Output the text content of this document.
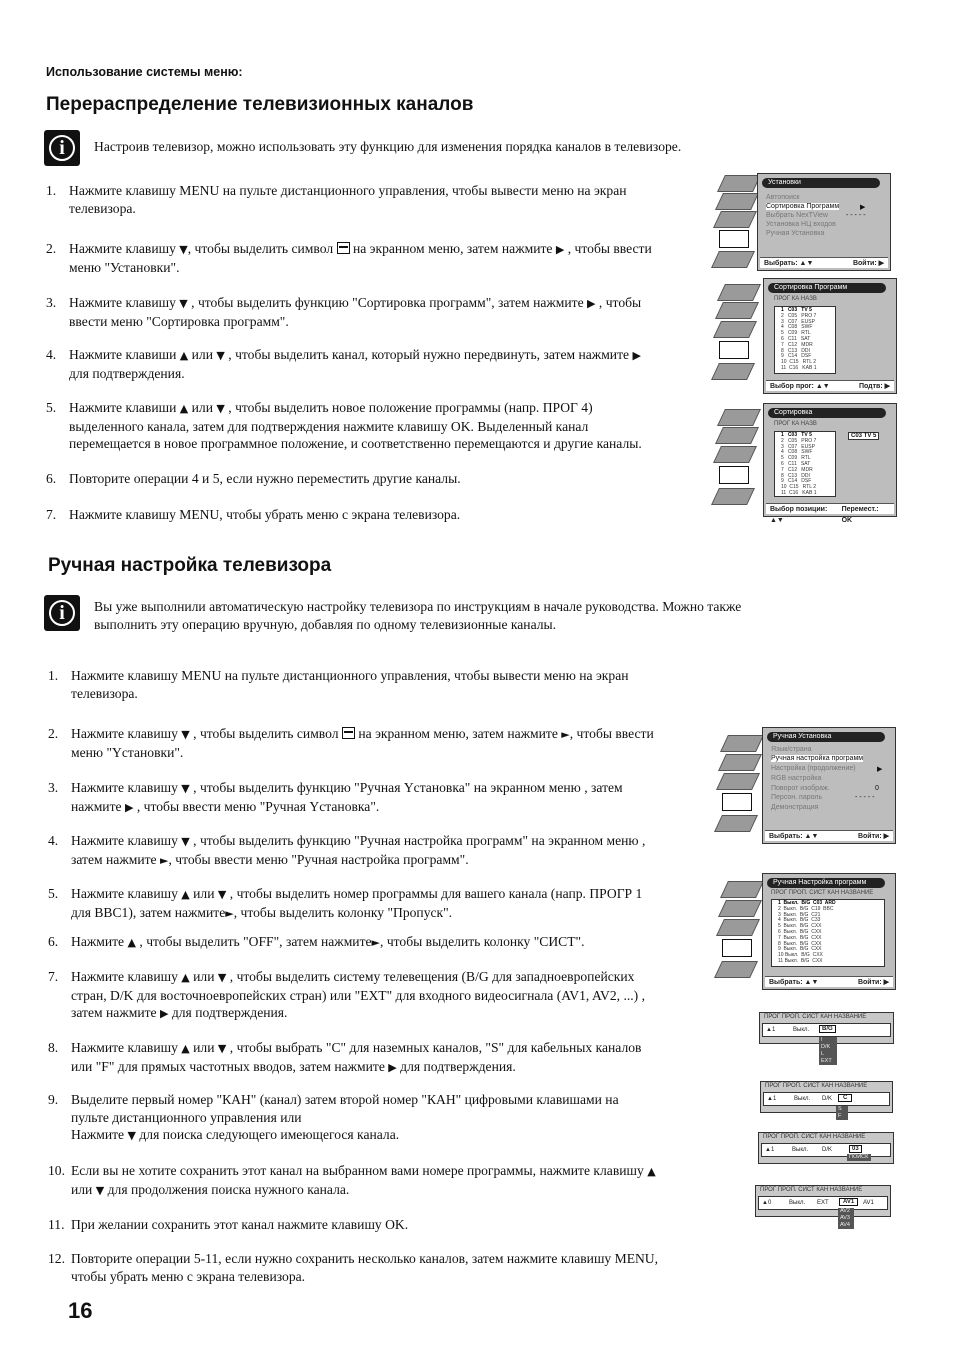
Использование системы меню:
Перераспределение телевизионных каналов
i	Настроив телевизор, можно использовать эту функцию для изменения порядка каналов в телевизоре.
1. Нажмите клавишу MENU на пульте дистанционного управления, чтобы вывести меню на экран
телевизора.
2. Нажмите клавишу ▼, чтобы выделить символ на экранном меню, затем нажмите ▶ , чтобы ввести
меню "Установки".
3. Нажмите клавишу ▼ , чтобы выделить функцию "Сортировка программ", затем нажмите ▶ , чтобы
ввести меню "Сортировка программ".
4. Нажмите клавиши ▲ или ▼ , чтобы выделить канал, который нужно передвинуть, затем нажмите ▶
для подтверждения.
5. Нажмите клавиши ▲ или ▼ , чтобы выделить новое положение программы (напр. ПРОГ 4)
выделенного канала, затем для подтверждения нажмите клавишу OK. Выделенный канал
перемещается в новое программное положение, и соответственно перемещаются и другие каналы.
6. Повторите операции 4 и 5, если нужно переместить другие каналы.
7. Нажмите клавишу MENU, чтобы убрать меню с экрана телевизора.
Ручная настройка телевизора
i	Вы уже выполнили автоматическую настройку телевизора по инструкциям в начале руководства. Можно также
выполнить эту операцию вручную, добавляя по одному телевизионные каналы.
1. Нажмите клавишу MENU на пульте дистанционного управления, чтобы вывести меню на экран
телевизора.
2. Нажмите клавишу ▼ , чтобы выделить символ на экранном меню, затем нажмите ►, чтобы ввести
меню "Yстановки".
3. Нажмите клавишу ▼ , чтобы выделить функцию "Ручная Yстановка" на экранном меню , затем
нажмите ▶ , чтобы ввести меню "Ручная Yстановка".
4. Нажмите клавишу ▼ , чтобы выделить функцию "Ручная настройка программ" на экранном меню ,
затем нажмите ►, чтобы ввести меню "Ручная настройка программ".
5. Нажмите клавишу ▲ или ▼ , чтобы выделить номер программы для вашего канала (напр. ПРОГР 1
для BBC1), затем нажмите►, чтобы выделить колонку "Пропуск".
6. Нажмите ▲ , чтобы выделить "OFF", затем нажмите►, чтобы выделить колонку "СИСТ".
7. Нажмите клавишу ▲ или ▼ , чтобы выделить систему телевещения (B/G для западноевропейских
стран, D/K для восточноевропейских стран) или "EXT" для входного видеосигнала (AV1, AV2, ...) ,
затем нажмите ▶ для подтверждения.
8. Нажмите клавишу ▲ или ▼ , чтобы выбрать "C" для наземных каналов, "S" для кабельных каналов
или "F" для прямых частотных вводов, затем нажмите ▶ для подтверждения.
9. Выделите первый номер "КАН" (канал) затем второй номер "КАН" цифровыми клавишами на
пульте дистанционного управления или
Нажмите ▼ для поиска следующего имеющегося канала.
10. Если вы не хотите сохранить этот канал на выбранном вами номере программы, нажмите клавишу ▲
или ▼ для продолжения поиска нужного канала.
11. При желании сохранить этот канал нажмите клавишу OK.
12. Повторите операции 5-11, если нужно сохранить несколько каналов, затем нажмите клавишу MENU,
чтобы убрать меню с экрана телевизора.
16
Установки
Автопоиск
Сортировка Программ	▶
Выбрать NexTView	- - - - -
Установка НЦ входов
Ручная Установка
Выбрать: ▲▼	Войти: ▶
Сортировка Программ
ПРОГ КА НАЗВ
1   C03   TV 5
2   C05   PRO 7
3   C07   EUSP
4   C08   SWF
5   C09   RTL
6   C11   SAT
7   C12   MDR
8   C13   DDI
9   C14   DSF
10  C15   RTL 2
11  C16   KAB 1
Выбор прог: ▲▼	Подтв: ▶
Сортировка
ПРОГ КА НАЗВ
1   C03   TV 5
2   C05   PRO 7
3   C07   EUSP
4   C08   SWF
5   C09   RTL
6   C11   SAT
7   C12   MDR
8   C13   DDI
9   C14   DSF
10  C15   RTL 2
11  C16   KAB 1
C03 TV 5
Выбор позиции: ▲▼
Перемест.: OK
Ручная Установка
Язык/страна
Ручная настройка программ
Настройка (продолжение)	▶
RGB настройка
Поворот изображ.	0
Персон. пароль	- - - - -
Демонстрация
Выбрать: ▲▼	Войти: ▶
Ручная Настройка программ
ПРОГ ПРОП. СИСТ КАН НАЗВАНИЕ
1  Выкл.  B/G  C03  ARD
2  Выкл.  B/G  C19  BBC
3  Выкл.  B/G  C21
4  Выкл.  B/G  C33
5  Выкл.  B/G  CXX
6  Выкл.  B/G  CXX
7  Выкл.  B/G  CXX
8  Выкл.  B/G  CXX
9  Выкл.  B/G  CXX
10 Выкл.  B/G  CXX
11 Выкл.  B/G  CXX
Выбрать: ▲▼	Войти: ▶
ПРОГ ПРОП. СИСТ КАН НАЗВАНИЕ
▲1	Выкл.	B/G
I
D/K
L
EXT
ПРОГ ПРОП. СИСТ КАН НАЗВАНИЕ
▲1	Выкл. D/K	C
S
F
ПРОГ ПРОП. СИСТ КАН НАЗВАНИЕ
▲1	Выкл. D/K	03
ПОИСК
ПРОГ ПРОП. СИСТ КАН НАЗВАНИЕ
▲0	Выкл. EXT	AV1	AV1
AV2
AV3
AV4
